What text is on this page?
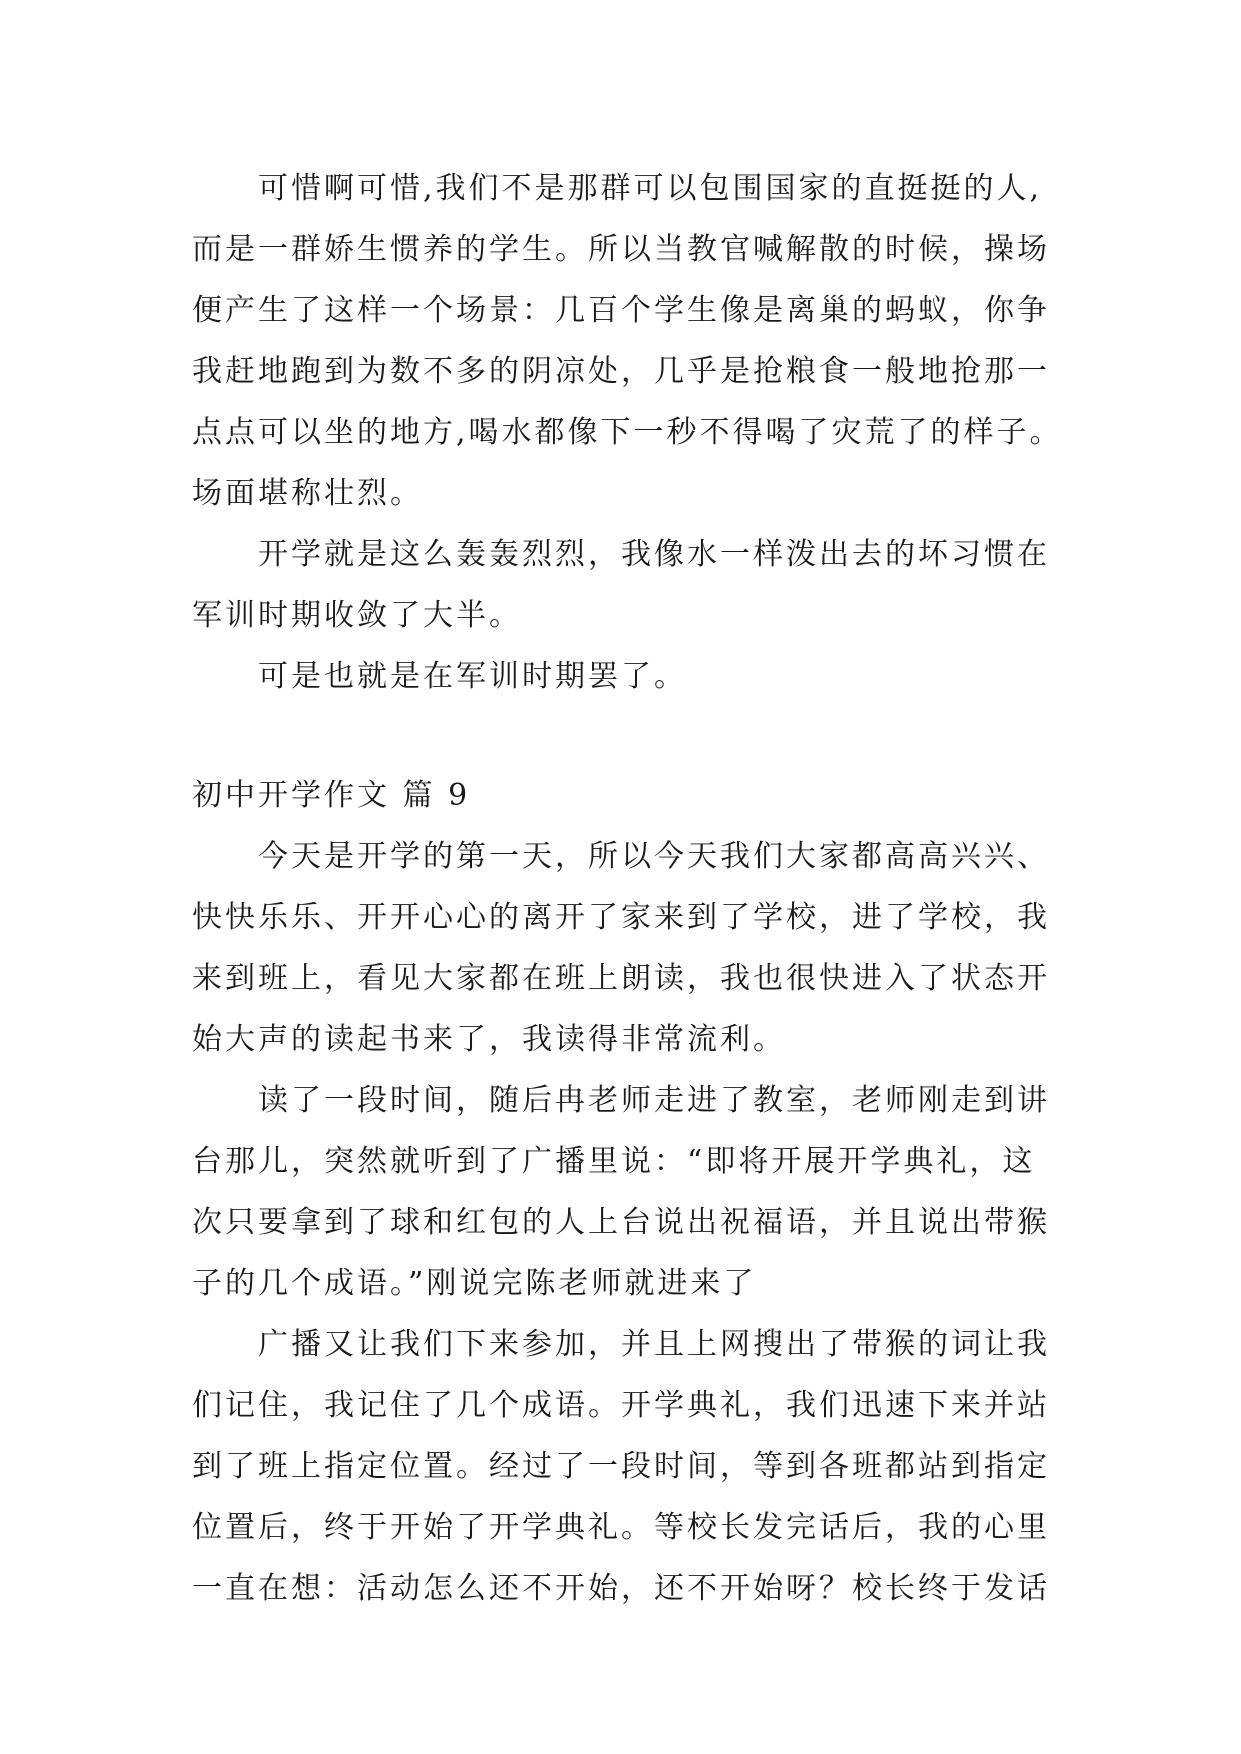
可惜啊可惜,我们不是那群可以包围国家的直挺挺的人,
而是一群娇生惯养的学生。所以当教官喊解散的时候，操场
便产生了这样一个场景：几百个学生像是离巢的蚂蚁，你争
我赶地跑到为数不多的阴凉处，几乎是抢粮食一般地抢那一
点点可以坐的地方,喝水都像下一秒不得喝了灾荒了的样子。
场面堪称壮烈。
开学就是这么轰轰烈烈，我像水一样泼出去的坏习惯在
军训时期收敛了大半。
可是也就是在军训时期罢了。
初中开学作文 篇 9
今天是开学的第一天，所以今天我们大家都高高兴兴、
快快乐乐、开开心心的离开了家来到了学校，进了学校，我
来到班上，看见大家都在班上朗读，我也很快进入了状态开
始大声的读起书来了，我读得非常流利。
读了一段时间，随后冉老师走进了教室，老师刚走到讲
台那儿，突然就听到了广播里说：“即将开展开学典礼，这
次只要拿到了球和红包的人上台说出祝福语，并且说出带猴
子的几个成语。”刚说完陈老师就进来了
广播又让我们下来参加，并且上网搜出了带猴的词让我
们记住，我记住了几个成语。开学典礼，我们迅速下来并站
到了班上指定位置。经过了一段时间，等到各班都站到指定
位置后，终于开始了开学典礼。等校长发完话后，我的心里
一直在想：活动怎么还不开始，还不开始呀？校长终于发话
